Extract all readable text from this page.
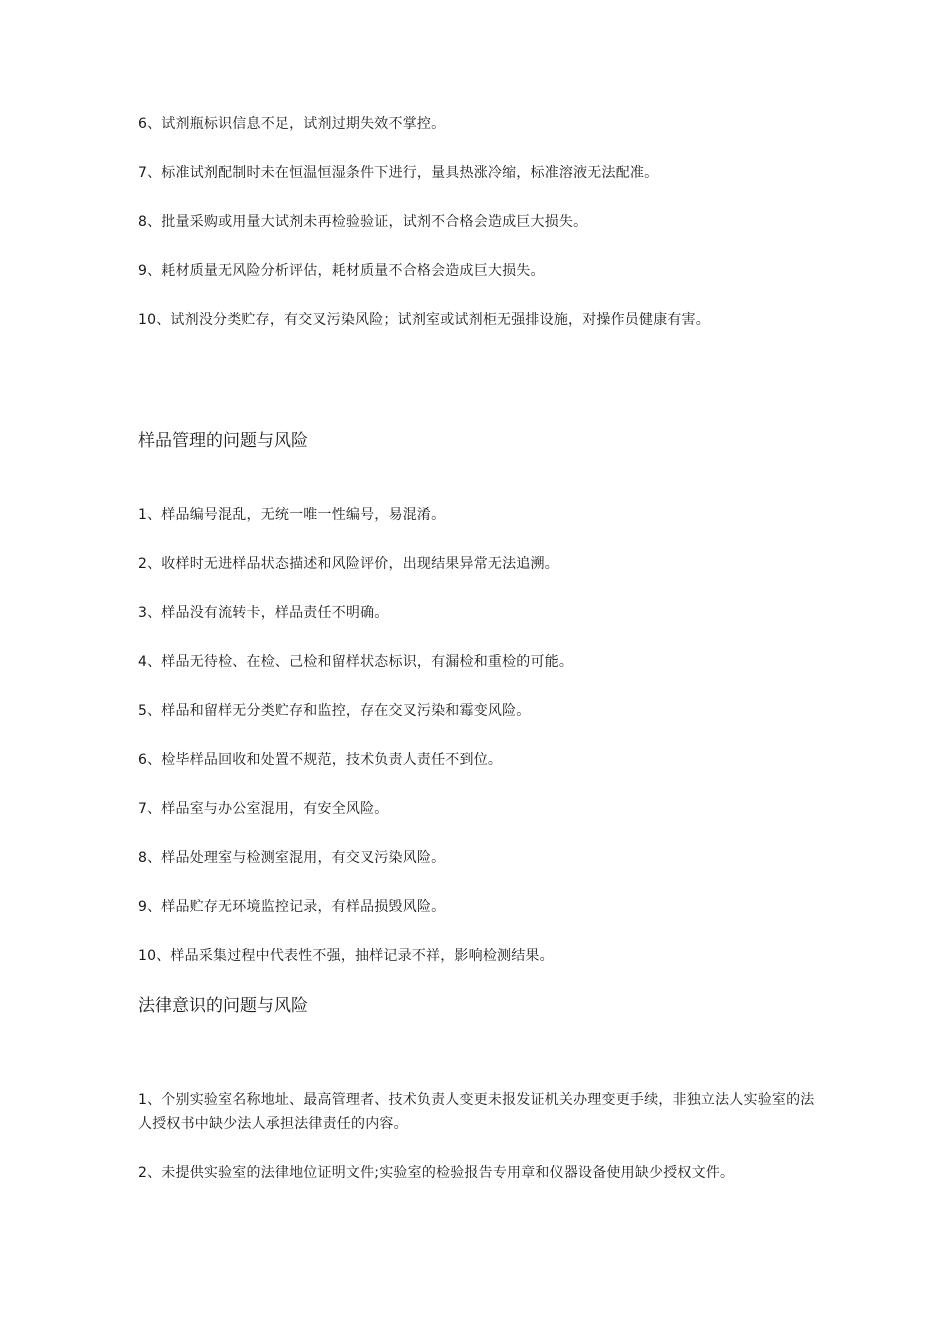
6、试剂瓶标识信息不足，试剂过期失效不掌控。
7、标准试剂配制时未在恒温恒湿条件下进行，量具热涨冷缩，标准溶液无法配准。
8、批量采购或用量大试剂未再检验验证，试剂不合格会造成巨大损失。
9、耗材质量无风险分析评估，耗材质量不合格会造成巨大损失。
10、试剂没分类贮存，有交叉污染风险；试剂室或试剂柜无强排设施，对操作员健康有害。
样品管理的问题与风险
1、样品编号混乱，无统一唯一性编号，易混淆。
2、收样时无进样品状态描述和风险评价，出现结果异常无法追溯。
3、样品没有流转卡，样品责任不明确。
4、样品无待检、在检、己检和留样状态标识，有漏检和重检的可能。
5、样品和留样无分类贮存和监控，存在交叉污染和霉变风险。
6、检毕样品回收和处置不规范，技术负责人责任不到位。
7、样品室与办公室混用，有安全风险。
8、样品处理室与检测室混用，有交叉污染风险。
9、样品贮存无环境监控记录，有样品损毁风险。
10、样品采集过程中代表性不强，抽样记录不祥，影响检测结果。
法律意识的问题与风险
1、个别实验室名称地址、最高管理者、技术负责人变更未报发证机关办理变更手续，非独立法人实验室的法人授权书中缺少法人承担法律责任的内容。
2、未提供实验室的法律地位证明文件;实验室的检验报告专用章和仪器设备使用缺少授权文件。
